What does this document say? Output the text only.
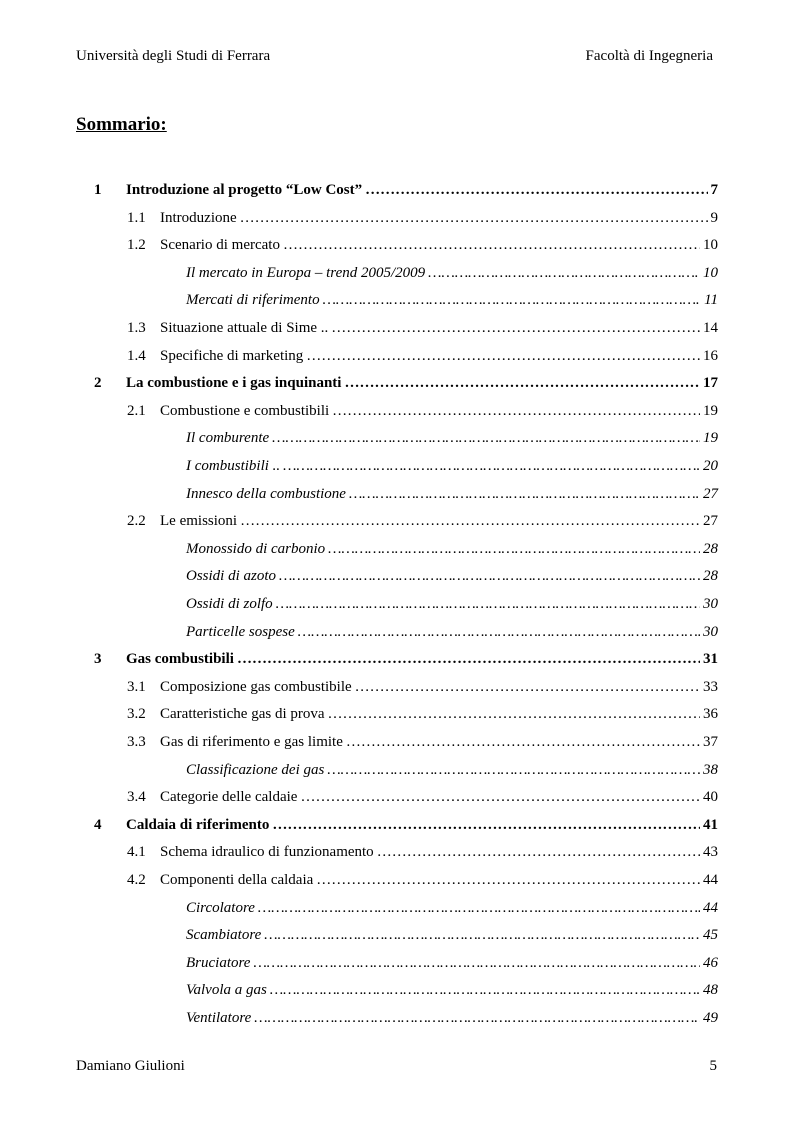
Università degli Studi di Ferrara	Facoltà di Ingegneria
Sommario:
1 Introduzione al progetto “Low Cost” …………………………………………………………………………………………………………………………………………………………………………………	7
1.1 Introduzione …………………………………………………………………………………………………………………………………………………………………………………	9
1.2 Scenario di mercato …………………………………………………………………………………………………………………………………………………………………………………	10
Il mercato in Europa – trend 2005/2009 …………………………………………………………………………………………………………………………………………………………………………………	10
Mercati di riferimento …………………………………………………………………………………………………………………………………………………………………………………	11
1.3 Situazione attuale di Sime .. …………………………………………………………………………………………………………………………………………………………………………………	14
1.4 Specifiche di marketing …………………………………………………………………………………………………………………………………………………………………………………	16
2 La combustione e i gas inquinanti …………………………………………………………………………………………………………………………………………………………………………………	17
2.1 Combustione e combustibili …………………………………………………………………………………………………………………………………………………………………………………	19
Il comburente …………………………………………………………………………………………………………………………………………………………………………………	19
I combustibili .. …………………………………………………………………………………………………………………………………………………………………………………	20
Innesco della combustione …………………………………………………………………………………………………………………………………………………………………………………	27
2.2 Le emissioni …………………………………………………………………………………………………………………………………………………………………………………	27
Monossido di carbonio …………………………………………………………………………………………………………………………………………………………………………………	28
Ossidi di azoto …………………………………………………………………………………………………………………………………………………………………………………	28
Ossidi di zolfo …………………………………………………………………………………………………………………………………………………………………………………	30
Particelle sospese …………………………………………………………………………………………………………………………………………………………………………………	30
3 Gas combustibili …………………………………………………………………………………………………………………………………………………………………………………	31
3.1 Composizione gas combustibile …………………………………………………………………………………………………………………………………………………………………………………	33
3.2 Caratteristiche gas di prova …………………………………………………………………………………………………………………………………………………………………………………	36
3.3 Gas di riferimento e gas limite …………………………………………………………………………………………………………………………………………………………………………………	37
Classificazione dei gas …………………………………………………………………………………………………………………………………………………………………………………	38
3.4 Categorie delle caldaie …………………………………………………………………………………………………………………………………………………………………………………	40
4 Caldaia di riferimento …………………………………………………………………………………………………………………………………………………………………………………	41
4.1 Schema idraulico di funzionamento …………………………………………………………………………………………………………………………………………………………………………………	43
4.2 Componenti della caldaia …………………………………………………………………………………………………………………………………………………………………………………	44
Circolatore …………………………………………………………………………………………………………………………………………………………………………………	44
Scambiatore …………………………………………………………………………………………………………………………………………………………………………………	45
Bruciatore …………………………………………………………………………………………………………………………………………………………………………………	46
Valvola a gas …………………………………………………………………………………………………………………………………………………………………………………	48
Ventilatore …………………………………………………………………………………………………………………………………………………………………………………	49
Damiano Giulioni	5
